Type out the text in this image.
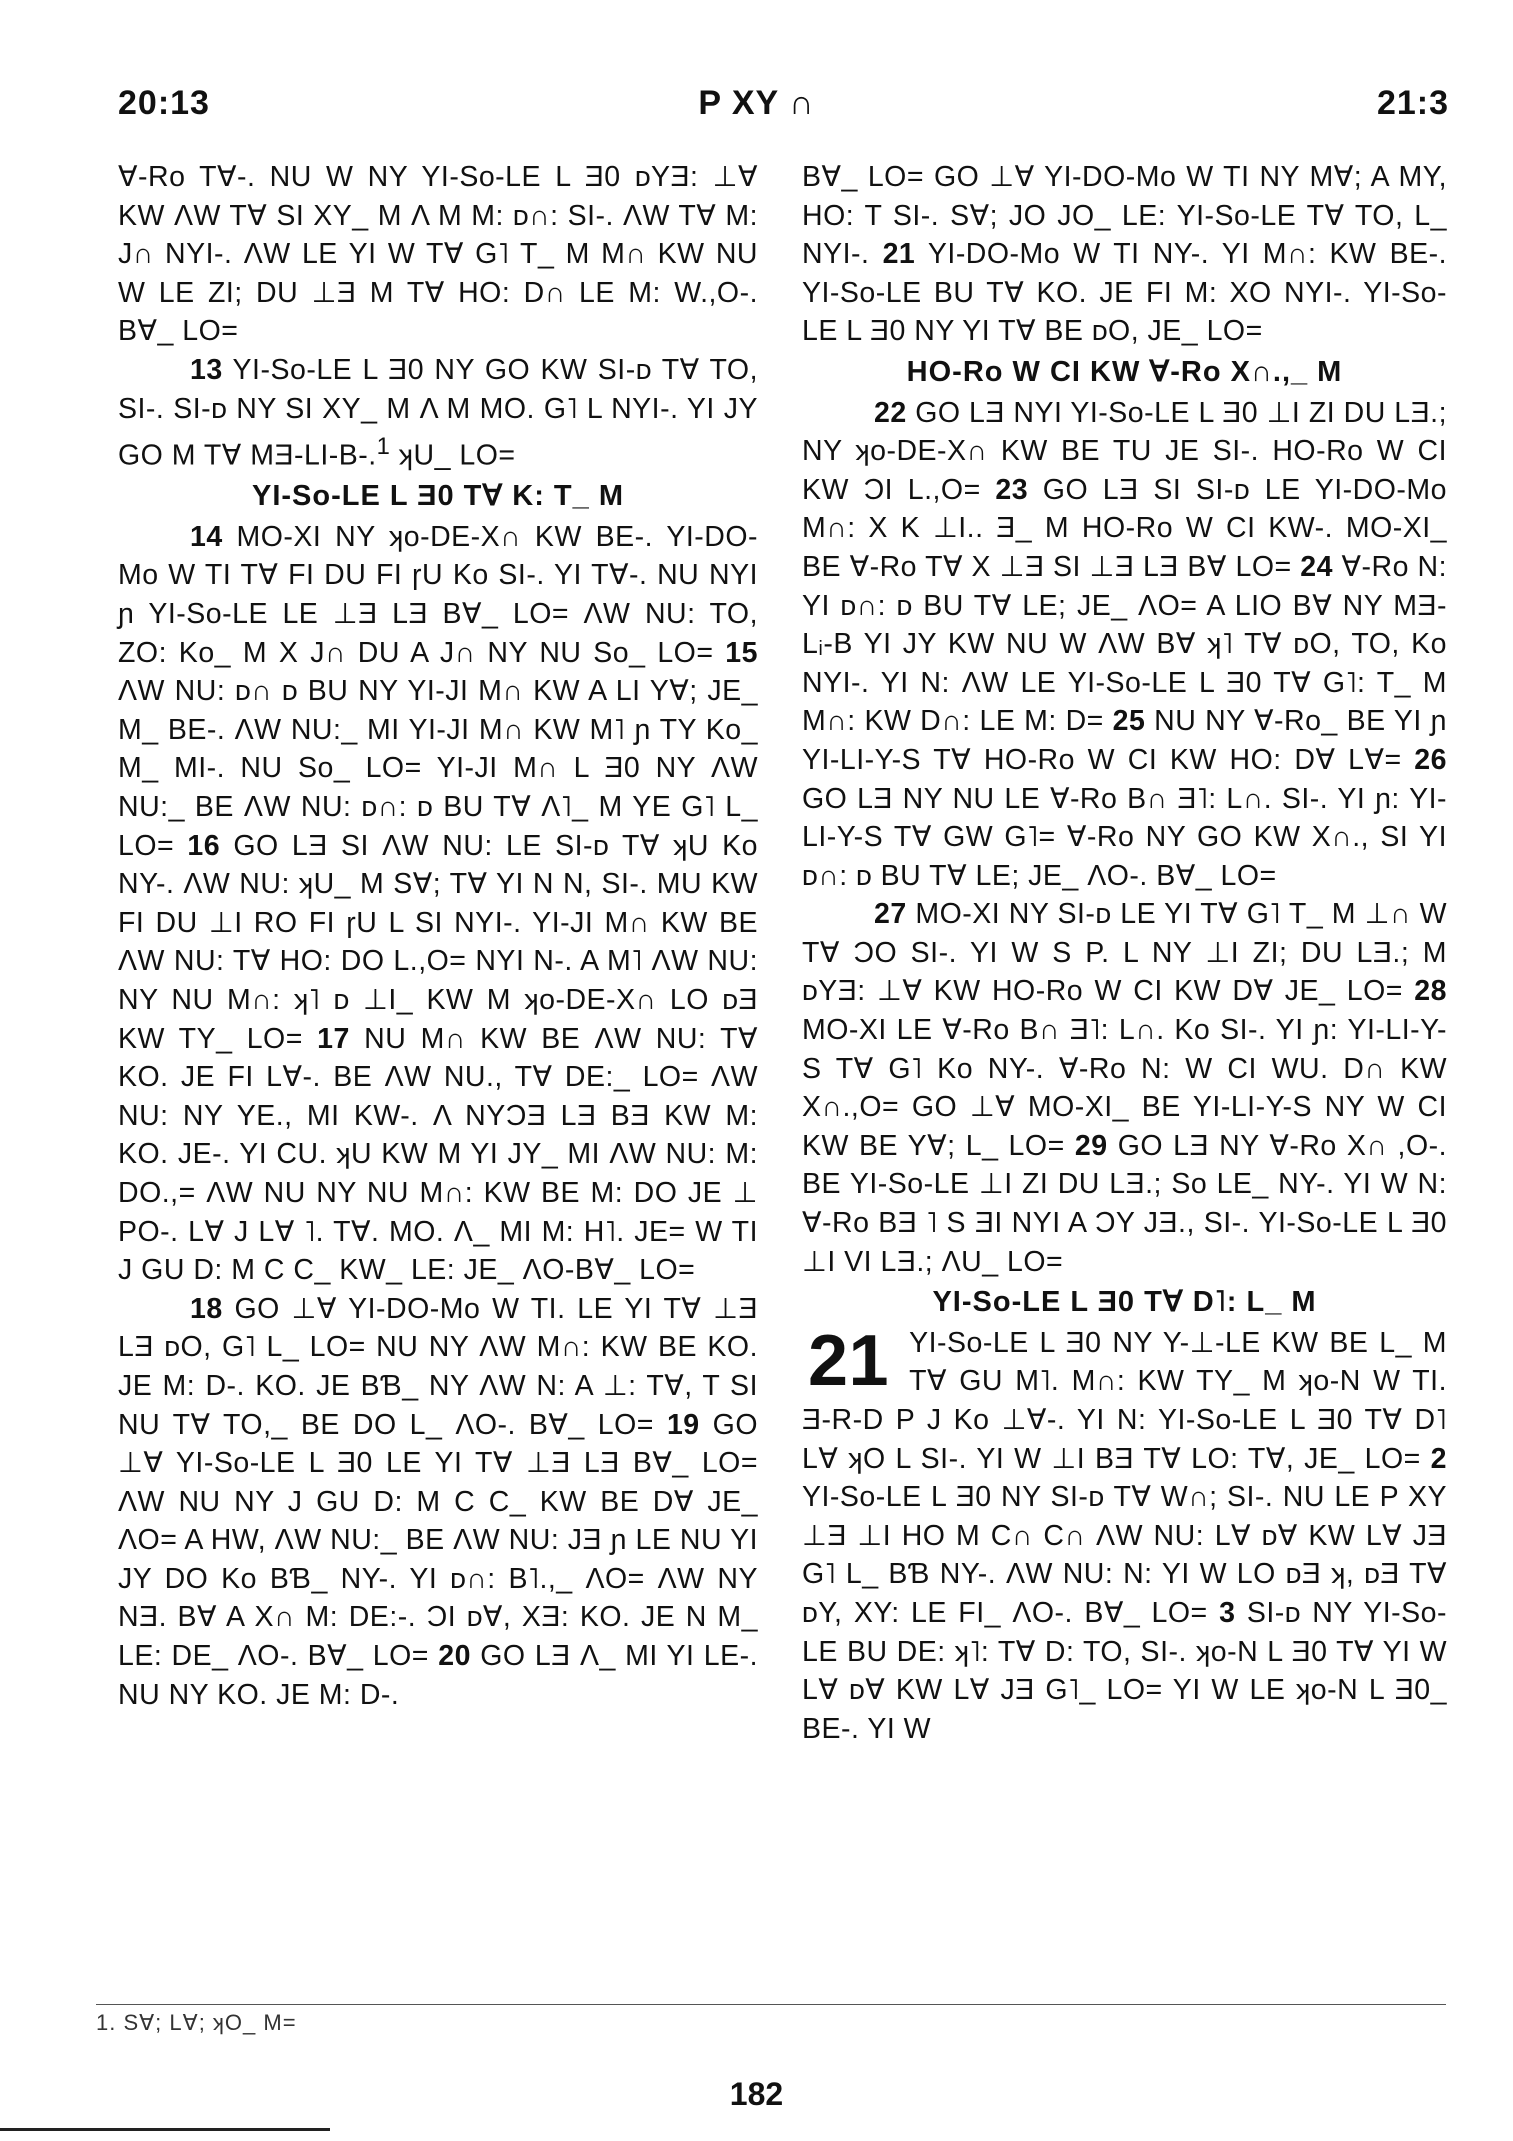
20:13	P XY ∩	21:3

∀-Rᴏ T∀-. NU W NY YI-Sᴏ-LE L Ǝ0 ᴅYƎ: ⊥∀ KW ΛW T∀ SI XY_ M Λ M M: ᴅ∩: SI-. ΛW T∀ M: J∩ NYI-. ΛW LE YI W T∀ G˥ T_ M M∩ KW NU W LE ZI; DU ⊥Ǝ M T∀ HO: D∩ LE M: W.,O-. B∀_ LO=

13 YI-Sᴏ-LE L Ǝ0 NY GO KW SI-ᴅ T∀ TO, SI-. SI-ᴅ NY SI XY_ M Λ M MO. G˥ L NYI-. YI JY GO M T∀ MƎ-LI-B-.$^1$ ʞU_ LO=

YI-Sᴏ-LE L Ǝ0 T∀ K: T_ M

14 MO-XI NY ʞᴏ-DE-X∩ KW BE-. YI-DO-Mᴏ W TI T∀ FI DU FI ɼU Kᴏ SI-. YI T∀-. NU NYI ɲ YI-Sᴏ-LE LE ⊥Ǝ LƎ B∀_ LO= ΛW NU: TO, ZO: Kᴏ_ M X J∩ DU A J∩ NY NU Sᴏ_ LO= 15 ΛW NU: ᴅ∩ ᴅ BU NY YI-JI M∩ KW A LI Y∀; JE_ M_ BE-. ΛW NU:_ MI YI-JI M∩ KW M˥ ɲ TY Kᴏ_ M_ MI-. NU Sᴏ_ LO= YI-JI M∩ L Ǝ0 NY ΛW NU:_ BE ΛW NU: ᴅ∩: ᴅ BU T∀ Λ˥_ M YE G˥ L_ LO= 16 GO LƎ SI ΛW NU: LE SI-ᴅ T∀ ʞU Kᴏ NY-. ΛW NU: ʞU_ M S∀; T∀ YI N N, SI-. MU KW FI DU ⊥I RO FI ɼU L SI NYI-. YI-JI M∩ KW BE ΛW NU: T∀ HO: DO L.,O= NYI N-. A M˥ ΛW NU: NY NU M∩: ʞ˥ ᴅ ⊥I_ KW M ʞᴏ-DE-X∩ LO ᴅƎ KW TY_ LO= 17 NU M∩ KW BE ΛW NU: T∀ KO. JE FI L∀-. BE ΛW NU., T∀ DE:_ LO= ΛW NU: NY YE., MI KW-. Λ NYƆƎ LƎ BƎ KW M: KO. JE-. YI CU. ʞU KW M YI JY_ MI ΛW NU: M: DO.,= ΛW NU NY NU M∩: KW BE M: DO JE ⊥ PO-. L∀ J L∀ ˥. T∀. MO. Λ_ MI M: H˥. JE= W TI J GU D: M C C_ KW_ LE: JE_ ΛO-B∀_ LO=

18 GO ⊥∀ YI-DO-Mᴏ W TI. LE YI T∀ ⊥Ǝ LƎ ᴅO, G˥ L_ LO= NU NY ΛW M∩: KW BE KO. JE M: D-. KO. JE BƁ_ NY ΛW N: A ⊥: T∀, T SI NU T∀ TO,_ BE DO L_ ΛO-. B∀_ LO= 19 GO ⊥∀ YI-Sᴏ-LE L Ǝ0 LE YI T∀ ⊥Ǝ LƎ B∀_ LO= ΛW NU NY J GU D: M C C_ KW BE D∀ JE_ ΛO= A HW, ΛW NU:_ BE ΛW NU: JƎ ɲ LE NU YI JY DO Kᴏ BƁ_ NY-. YI ᴅ∩: B˥.,_ ΛO= ΛW NY NƎ. B∀ A X∩ M: DE:-. ƆI ᴅ∀, XƎ: KO. JE N M_ LE: DE_ ΛO-. B∀_ LO= 20 GO LƎ Λ_ MI YI LE-. NU NY KO. JE M: D-.

B∀_ LO= GO ⊥∀ YI-DO-Mᴏ W TI NY M∀; A MY, HO: T SI-. S∀; JO JO_ LE: YI-Sᴏ-LE T∀ TO, L_ NYI-. 21 YI-DO-Mᴏ W TI NY-. YI M∩: KW BE-. YI-Sᴏ-LE BU T∀ KO. JE FI M: XO NYI-. YI-Sᴏ-LE L Ǝ0 NY YI T∀ BE ᴅO, JE_ LO=

HO-Rᴏ W CI KW ∀-Rᴏ X∩.,_ M

22 GO LƎ NYI YI-Sᴏ-LE L Ǝ0 ⊥I ZI DU LƎ.; NY ʞᴏ-DE-X∩ KW BE TU JE SI-. HO-Rᴏ W CI KW ƆI L.,O= 23 GO LƎ SI SI-ᴅ LE YI-DO-Mᴏ M∩: X K ⊥I.. Ǝ_ M HO-Rᴏ W CI KW-. MO-XI_ BE ∀-Rᴏ T∀ X ⊥Ǝ SI ⊥Ǝ LƎ B∀ LO= 24 ∀-Rᴏ N: YI ᴅ∩: ᴅ BU T∀ LE; JE_ ΛO= A LIO B∀ NY MƎ-Lᵢ-B YI JY KW NU W ΛW B∀ ʞ˥ T∀ ᴅO, TO, Kᴏ NYI-. YI N: ΛW LE YI-Sᴏ-LE L Ǝ0 T∀ G˥: T_ M M∩: KW D∩: LE M: D= 25 NU NY ∀-Rᴏ_ BE YI ɲ YI-LI-Y-S T∀ HO-Rᴏ W CI KW HO: D∀ L∀= 26 GO LƎ NY NU LE ∀-Rᴏ B∩ Ǝ˥: L∩. SI-. YI ɲ: YI-LI-Y-S T∀ GW G˥= ∀-Rᴏ NY GO KW X∩., SI YI ᴅ∩: ᴅ BU T∀ LE; JE_ ΛO-. B∀_ LO=

27 MO-XI NY SI-ᴅ LE YI T∀ G˥ T_ M ⊥∩ W T∀ ƆO SI-. YI W S P. L NY ⊥I ZI; DU LƎ.; M ᴅYƎ: ⊥∀ KW HO-Rᴏ W CI KW D∀ JE_ LO= 28 MO-XI LE ∀-Rᴏ B∩ Ǝ˥: L∩. Kᴏ SI-. YI ɲ: YI-LI-Y-S T∀ G˥ Kᴏ NY-. ∀-Rᴏ N: W CI WU. D∩ KW X∩.,O= GO ⊥∀ MO-XI_ BE YI-LI-Y-S NY W CI KW BE Y∀; L_ LO= 29 GO LƎ NY ∀-Rᴏ X∩ ,O-. BE YI-Sᴏ-LE ⊥I ZI DU LƎ.; Sᴏ LE_ NY-. YI W N: ∀-Rᴏ BƎ ˥ S ƎI NYI A ƆY JƎ., SI-. YI-Sᴏ-LE L Ǝ0 ⊥I VI LƎ.; ΛU_ LO=

YI-Sᴏ-LE L Ǝ0 T∀ D˥: L_ M

21 YI-Sᴏ-LE L Ǝ0 NY Y-⊥-LE KW BE L_ M T∀ GU M˥. M∩: KW TY_ M ʞᴏ-N W TI. Ǝ-R-D P J Kᴏ ⊥∀-. YI N: YI-Sᴏ-LE L Ǝ0 T∀ D˥ L∀ ʞO L SI-. YI W ⊥I BƎ T∀ LO: T∀, JE_ LO= 2 YI-Sᴏ-LE L Ǝ0 NY SI-ᴅ T∀ W∩; SI-. NU LE P XY ⊥Ǝ ⊥I HO M C∩ C∩ ΛW NU: L∀ ᴅ∀ KW L∀ JƎ G˥ L_ BƁ NY-. ΛW NU: N: YI W LO ᴅƎ ʞ, ᴅƎ T∀ ᴅY, XY: LE FI_ ΛO-. B∀_ LO= 3 SI-ᴅ NY YI-Sᴏ-LE BU DE: ʞ˥: T∀ D: TO, SI-. ʞᴏ-N L Ǝ0 T∀ YI W L∀ ᴅ∀ KW L∀ JƎ G˥_ LO= YI W LE ʞᴏ-N L Ǝ0_ BE-. YI W

1. S∀; L∀; ʞO_ M=
182
